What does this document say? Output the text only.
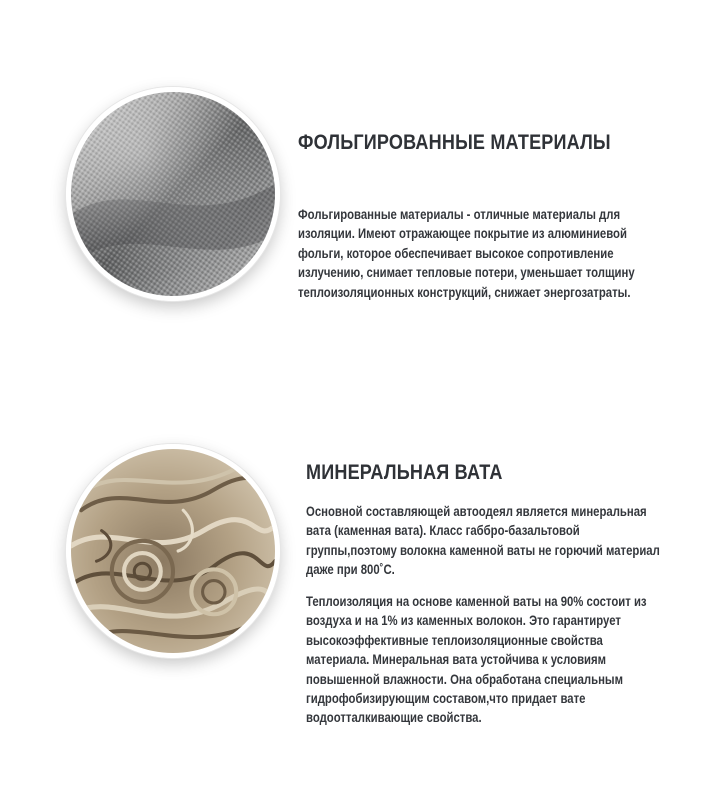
ФОЛЬГИРОВАННЫЕ МАТЕРИАЛЫ

Фольгированные материалы - отличные материалы для изоляции. Имеют отражающее покрытие из алюминиевой фольги, которое обеспечивает высокое сопротивление излучению, снимает тепловые потери, уменьшает толщину теплоизоляционных конструкций, снижает энергозатраты.

МИНЕРАЛЬНАЯ ВАТА

Основной составляющей автоодеял является минеральная вата (каменная вата). Класс габбро-базальтовой группы,поэтому волокна каменной ваты не горючий материал даже при 800˚С.

Теплоизоляция на основе каменной ваты на 90% состоит из воздуха и на 1% из каменных волокон. Это гарантирует высокоэффективные теплоизоляционные свойства материала. Минеральная вата устойчива к условиям повышенной влажности. Она обработана специальным гидрофобизирующим составом,что придает вате водоотталкивающие свойства.
